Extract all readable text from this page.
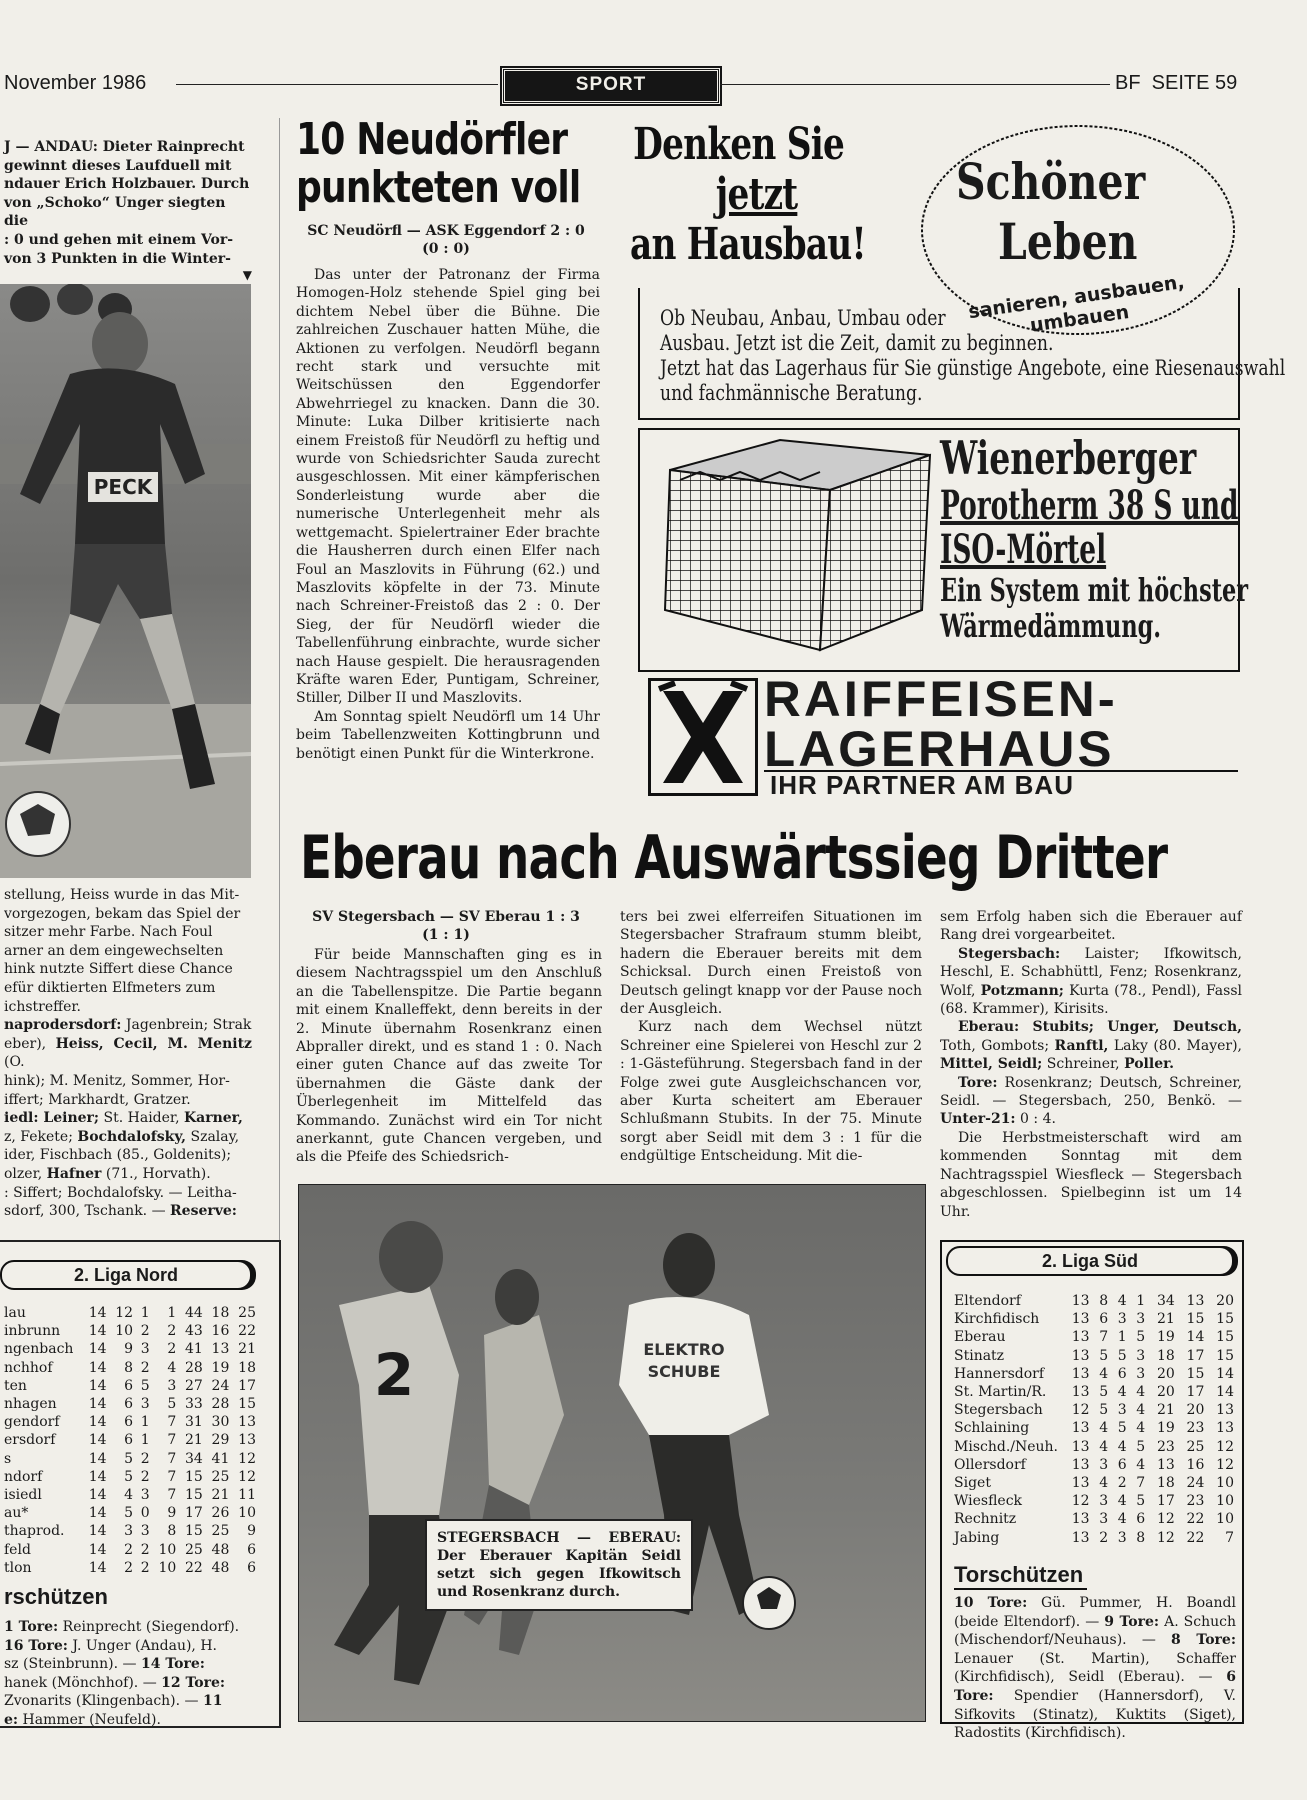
November 1986	SPORT	BF  SEITE 59
J — ANDAU: Dieter Rainprecht
gewinnt dieses Laufduell mit
ndauer Erich Holzbauer. Durch
von „Schoko“ Unger siegten die
: 0 und gehen mit einem Vor-
von 3 Punkten in die Winter-
▼
PECK
stellung, Heiss wurde in das Mit-
vorgezogen, bekam das Spiel der
sitzer mehr Farbe. Nach Foul
arner an dem eingewechselten
hink nutzte Siffert diese Chance
efür diktierten Elfmeters zum
ichstreffer.
naprodersdorf: Jagenbrein; Strak
eber), Heiss, Cecil, M. Menitz (O.
hink); M. Menitz, Sommer, Hor-
iffert; Markhardt, Gratzer.
iedl: Leiner; St. Haider, Karner,
z, Fekete; Bochdalofsky, Szalay,
ider, Fischbach (85., Goldenits);
olzer, Hafner (71., Horvath).
: Siffert; Bochdalofsky. — Leitha-
sdorf, 300, Tschank. — Reserve:
2. Liga Nord
lau	14	12	1	1	44	18	25
inbrunn	14	10	2	2	43	16	22
ngenbach	14	9	3	2	41	13	21
nchhof	14	8	2	4	28	19	18
ten	14	6	5	3	27	24	17
nhagen	14	6	3	5	33	28	15
gendorf	14	6	1	7	31	30	13
ersdorf	14	6	1	7	21	29	13
s	14	5	2	7	34	41	12
ndorf	14	5	2	7	15	25	12
isiedl	14	4	3	7	15	21	11
au*	14	5	0	9	17	26	10
thaprod.	14	3	3	8	15	25	9
feld	14	2	2	10	25	48	6
tlon	14	2	2	10	22	48	6
rschützen
1 Tore: Reinprecht (Siegendorf).
16 Tore: J. Unger (Andau), H.
sz (Steinbrunn). — 14 Tore:
hanek (Mönchhof). — 12 Tore:
Zvonarits (Klingenbach). — 11
e: Hammer (Neufeld).
10 Neudörfler
punkteten voll
SC Neudörfl — ASK Eggendorf 2 : 0
(0 : 0)

Das unter der Patronanz der Firma Homogen-Holz stehende Spiel ging bei dichtem Nebel über die Bühne. Die zahlreichen Zuschauer hatten Mühe, die Aktionen zu verfolgen. Neudörfl begann recht stark und versuchte mit Weitschüssen den Eggendorfer Abwehrriegel zu knacken. Dann die 30. Minute: Luka Dilber kritisierte nach einem Freistoß für Neudörfl zu heftig und wurde von Schiedsrichter Sauda zurecht ausgeschlossen. Mit einer kämpferischen Sonderleistung wurde aber die numerische Unterlegenheit mehr als wettgemacht. Spielertrainer Eder brachte die Hausherren durch einen Elfer nach Foul an Maszlovits in Führung (62.) und Maszlovits köpfelte in der 73. Minute nach Schreiner-Freistoß das 2 : 0. Der Sieg, der für Neudörfl wieder die Tabellenführung einbrachte, wurde sicher nach Hause gespielt. Die herausragenden Kräfte waren Eder, Puntigam, Schreiner, Stiller, Dilber II und Maszlovits.

Am Sonntag spielt Neudörfl um 14 Uhr beim Tabellenzweiten Kottingbrunn und benötigt einen Punkt für die Winterkrone.

Denken Sie
jetzt
an Hausbau!
Schöner
Leben
sanieren, ausbauen, umbauen
Ob Neubau, Anbau, Umbau oder
Ausbau. Jetzt ist die Zeit, damit zu beginnen.
Jetzt hat das Lagerhaus für Sie günstige Angebote, eine Riesenauswahl
und fachmännische Beratung.
Wienerberger
Porotherm 38 S und
ISO-Mörtel
Ein System mit höchster
Wärmedämmung.
RAIFFEISEN-
LAGERHAUS
IHR PARTNER AM BAU
Eberau nach Auswärtssieg Dritter
SV Stegersbach — SV Eberau 1 : 3
(1 : 1)

Für beide Mannschaften ging es in diesem Nachtragsspiel um den Anschluß an die Tabellenspitze. Die Partie begann mit einem Knalleffekt, denn bereits in der 2. Minute übernahm Rosenkranz einen Abpraller direkt, und es stand 1 : 0. Nach einer guten Chance auf das zweite Tor übernahmen die Gäste dank der Überlegenheit im Mittelfeld das Kommando. Zunächst wird ein Tor nicht anerkannt, gute Chancen vergeben, und als die Pfeife des Schiedsrich-

ters bei zwei elferreifen Situationen im Stegersbacher Strafraum stumm bleibt, hadern die Eberauer bereits mit dem Schicksal. Durch einen Freistoß von Deutsch gelingt knapp vor der Pause noch der Ausgleich.

Kurz nach dem Wechsel nützt Schreiner eine Spielerei von Heschl zur 2 : 1-Gästeführung. Stegersbach fand in der Folge zwei gute Ausgleichschancen vor, aber Kurta scheitert am Eberauer Schlußmann Stubits. In der 75. Minute sorgt aber Seidl mit dem 3 : 1 für die endgültige Entscheidung. Mit die-

sem Erfolg haben sich die Eberauer auf Rang drei vorgearbeitet.

Stegersbach: Laister; Ifkowitsch, Heschl, E. Schabhüttl, Fenz; Rosenkranz, Wolf, Potzmann; Kurta (78., Pendl), Fassl (68. Krammer), Kirisits.

Eberau: Stubits; Unger, Deutsch, Toth, Gombots; Ranftl, Laky (80. Mayer), Mittel, Seidl; Schreiner, Poller.

Tore: Rosenkranz; Deutsch, Schreiner, Seidl. — Stegersbach, 250, Benkö. —Unter-21: 0 : 4.

Die Herbstmeisterschaft wird am kommenden Sonntag mit dem Nachtragsspiel Wiesfleck — Stegersbach abgeschlossen. Spielbeginn ist um 14 Uhr.

2	ELEKTRO
SCHUBE
STEGERSBACH — EBERAU: Der Eberauer Kapitän Seidl setzt sich gegen Ifkowitsch und Rosenkranz durch.
2. Liga Süd
Eltendorf	13	8	4	1	34	13	20
Kirchfidisch	13	6	3	3	21	15	15
Eberau	13	7	1	5	19	14	15
Stinatz	13	5	5	3	18	17	15
Hannersdorf	13	4	6	3	20	15	14
St. Martin/R.	13	5	4	4	20	17	14
Stegersbach	12	5	3	4	21	20	13
Schlaining	13	4	5	4	19	23	13
Mischd./Neuh.	13	4	4	5	23	25	12
Ollersdorf	13	3	6	4	13	16	12
Siget	13	4	2	7	18	24	10
Wiesfleck	12	3	4	5	17	23	10
Rechnitz	13	3	4	6	12	22	10
Jabing	13	2	3	8	12	22	7
Torschützen

10 Tore: Gü. Pummer, H. Boandl (beide Eltendorf). — 9 Tore: A. Schuch (Mischendorf/Neuhaus). — 8 Tore: Lenauer (St. Martin), Schaffer (Kirchfidisch), Seidl (Eberau). — 6 Tore: Spendier (Hannersdorf), V. Sifkovits (Stinatz), Kuktits (Siget), Radostits (Kirchfidisch).
